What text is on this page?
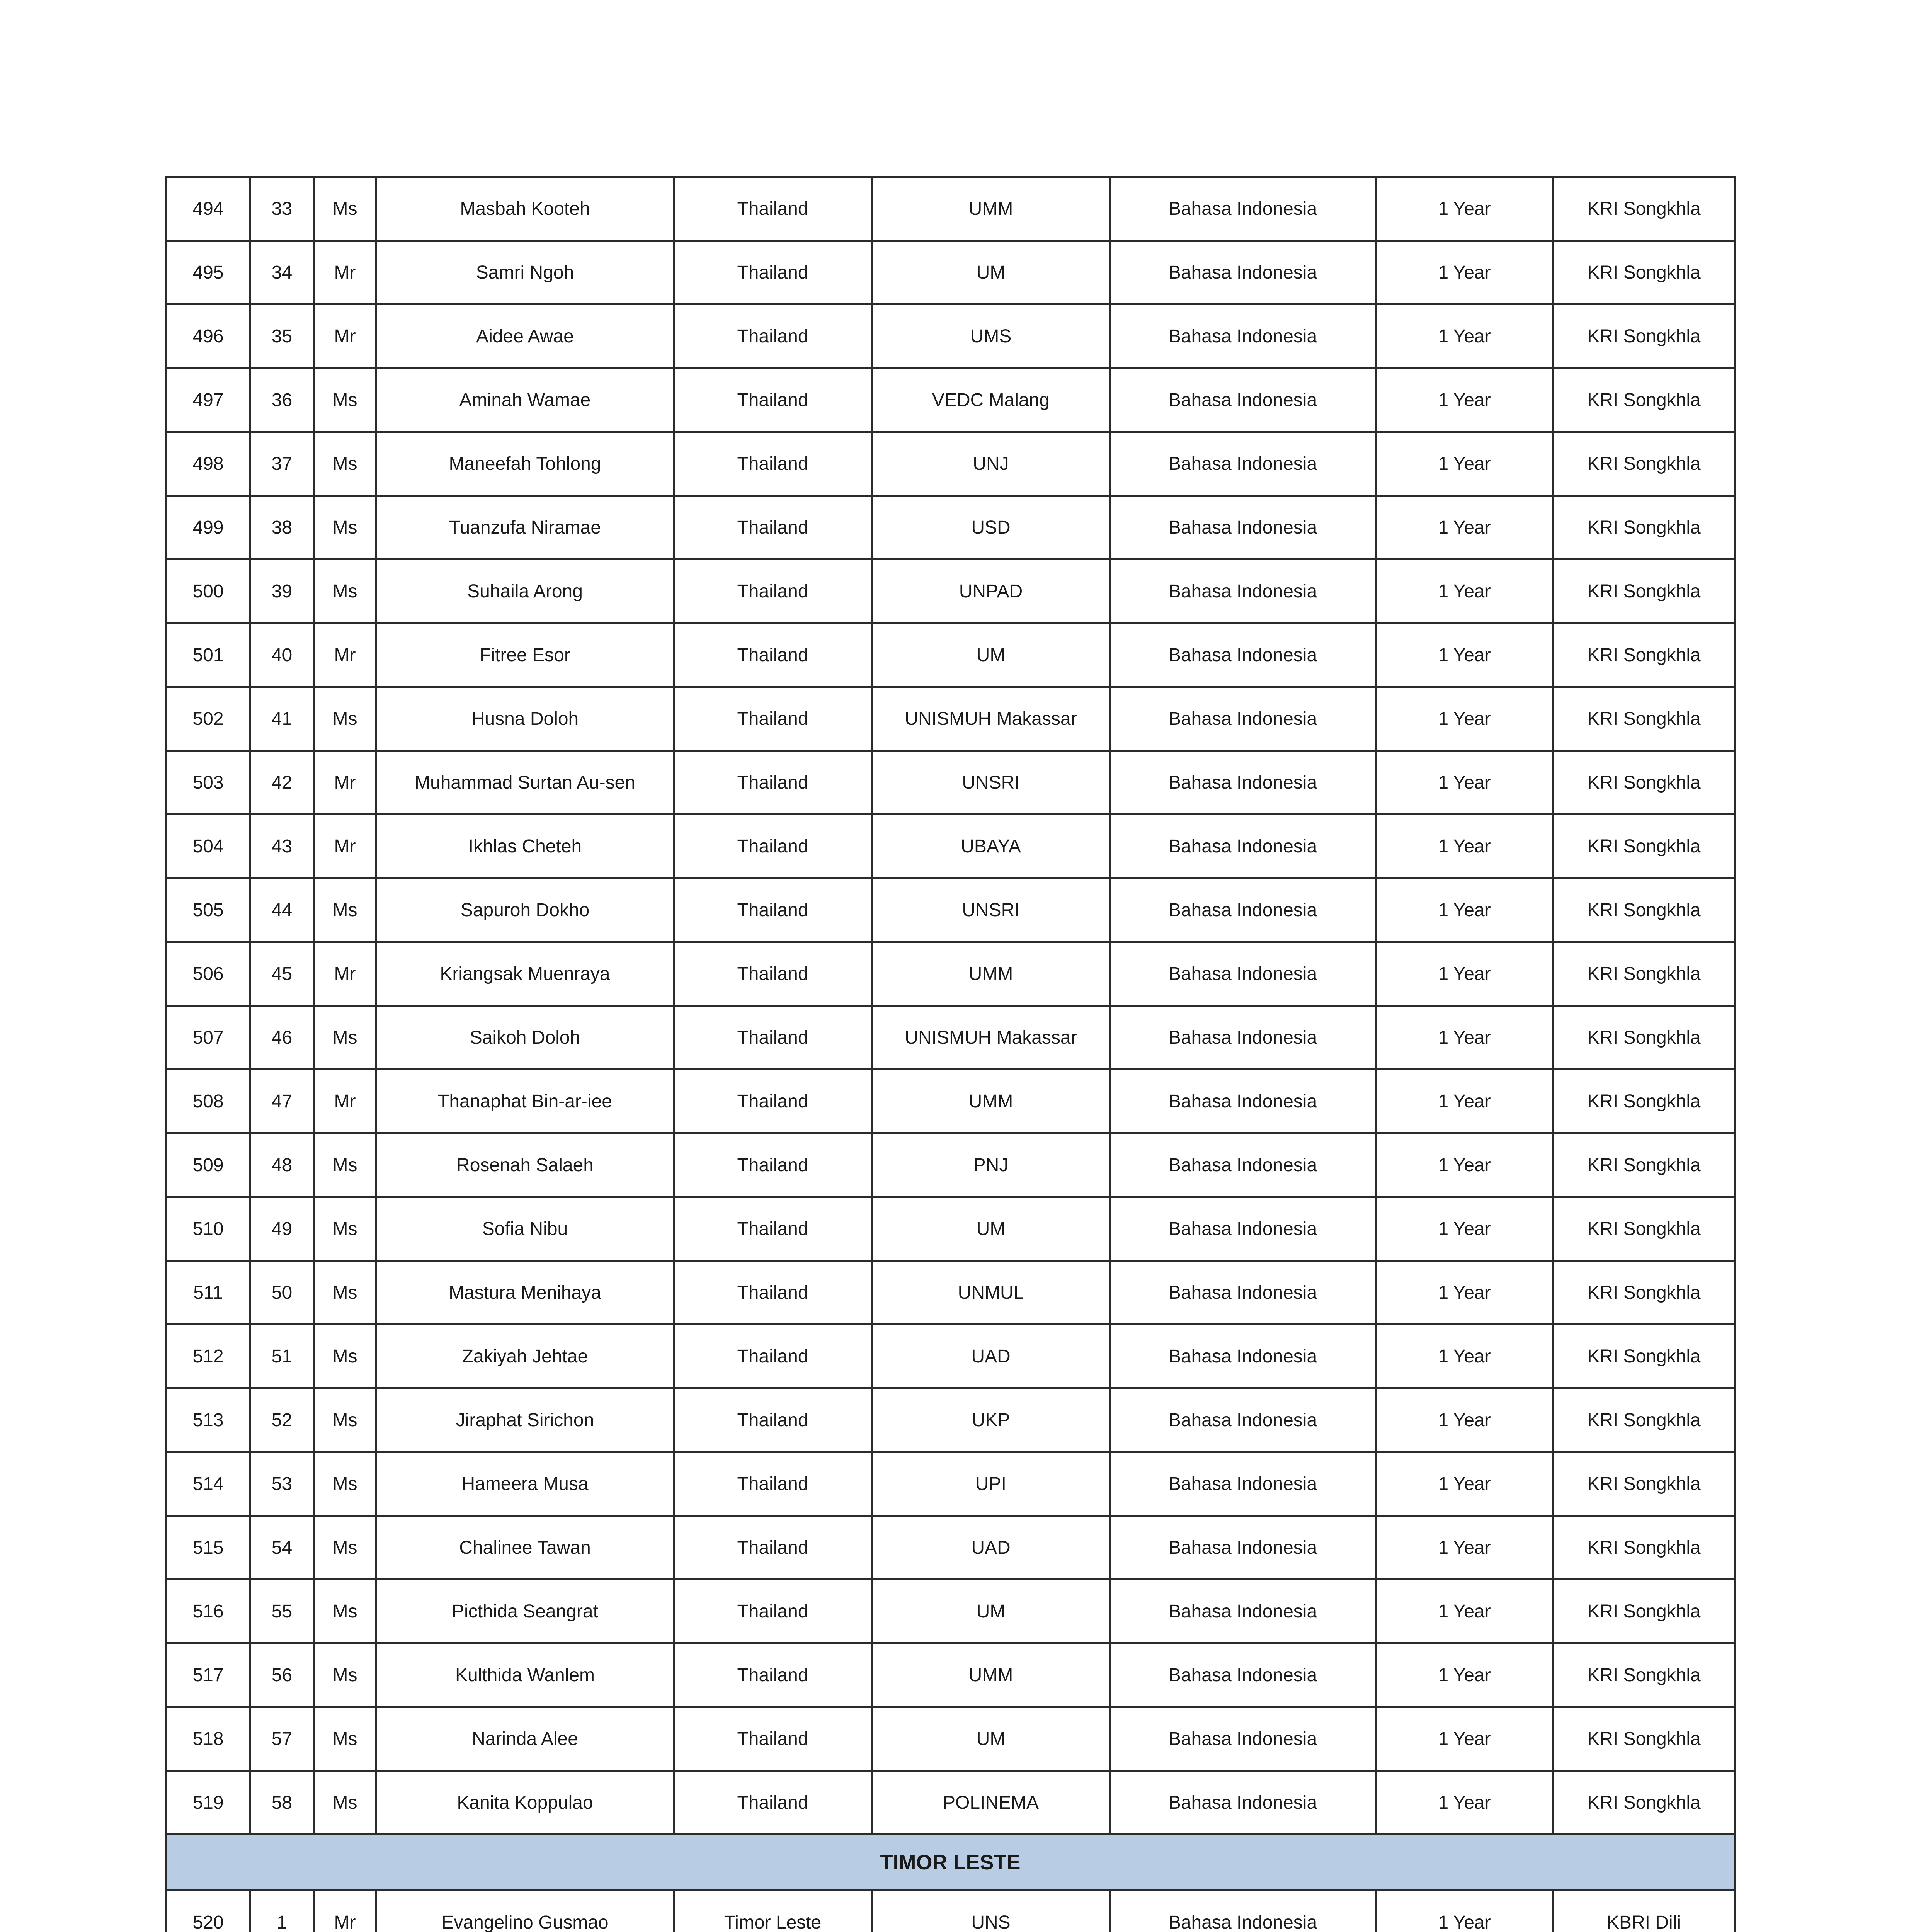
494	33	Ms	Masbah Kooteh	Thailand	UMM	Bahasa Indonesia	1 Year	KRI Songkhla
495	34	Mr	Samri Ngoh	Thailand	UM	Bahasa Indonesia	1 Year	KRI Songkhla
496	35	Mr	Aidee Awae	Thailand	UMS	Bahasa Indonesia	1 Year	KRI Songkhla
497	36	Ms	Aminah Wamae	Thailand	VEDC Malang	Bahasa Indonesia	1 Year	KRI Songkhla
498	37	Ms	Maneefah Tohlong	Thailand	UNJ	Bahasa Indonesia	1 Year	KRI Songkhla
499	38	Ms	Tuanzufa Niramae	Thailand	USD	Bahasa Indonesia	1 Year	KRI Songkhla
500	39	Ms	Suhaila Arong	Thailand	UNPAD	Bahasa Indonesia	1 Year	KRI Songkhla
501	40	Mr	Fitree Esor	Thailand	UM	Bahasa Indonesia	1 Year	KRI Songkhla
502	41	Ms	Husna Doloh	Thailand	UNISMUH Makassar	Bahasa Indonesia	1 Year	KRI Songkhla
503	42	Mr	Muhammad Surtan Au-sen	Thailand	UNSRI	Bahasa Indonesia	1 Year	KRI Songkhla
504	43	Mr	Ikhlas Cheteh	Thailand	UBAYA	Bahasa Indonesia	1 Year	KRI Songkhla
505	44	Ms	Sapuroh Dokho	Thailand	UNSRI	Bahasa Indonesia	1 Year	KRI Songkhla
506	45	Mr	Kriangsak Muenraya	Thailand	UMM	Bahasa Indonesia	1 Year	KRI Songkhla
507	46	Ms	Saikoh Doloh	Thailand	UNISMUH Makassar	Bahasa Indonesia	1 Year	KRI Songkhla
508	47	Mr	Thanaphat Bin-ar-iee	Thailand	UMM	Bahasa Indonesia	1 Year	KRI Songkhla
509	48	Ms	Rosenah Salaeh	Thailand	PNJ	Bahasa Indonesia	1 Year	KRI Songkhla
510	49	Ms	Sofia Nibu	Thailand	UM	Bahasa Indonesia	1 Year	KRI Songkhla
511	50	Ms	Mastura Menihaya	Thailand	UNMUL	Bahasa Indonesia	1 Year	KRI Songkhla
512	51	Ms	Zakiyah Jehtae	Thailand	UAD	Bahasa Indonesia	1 Year	KRI Songkhla
513	52	Ms	Jiraphat Sirichon	Thailand	UKP	Bahasa Indonesia	1 Year	KRI Songkhla
514	53	Ms	Hameera Musa	Thailand	UPI	Bahasa Indonesia	1 Year	KRI Songkhla
515	54	Ms	Chalinee Tawan	Thailand	UAD	Bahasa Indonesia	1 Year	KRI Songkhla
516	55	Ms	Picthida Seangrat	Thailand	UM	Bahasa Indonesia	1 Year	KRI Songkhla
517	56	Ms	Kulthida Wanlem	Thailand	UMM	Bahasa Indonesia	1 Year	KRI Songkhla
518	57	Ms	Narinda Alee	Thailand	UM	Bahasa Indonesia	1 Year	KRI Songkhla
519	58	Ms	Kanita Koppulao	Thailand	POLINEMA	Bahasa Indonesia	1 Year	KRI Songkhla
TIMOR LESTE								
520	1	Mr	Evangelino Gusmao	Timor Leste	UNS	Bahasa Indonesia	1 Year	KBRI Dili
